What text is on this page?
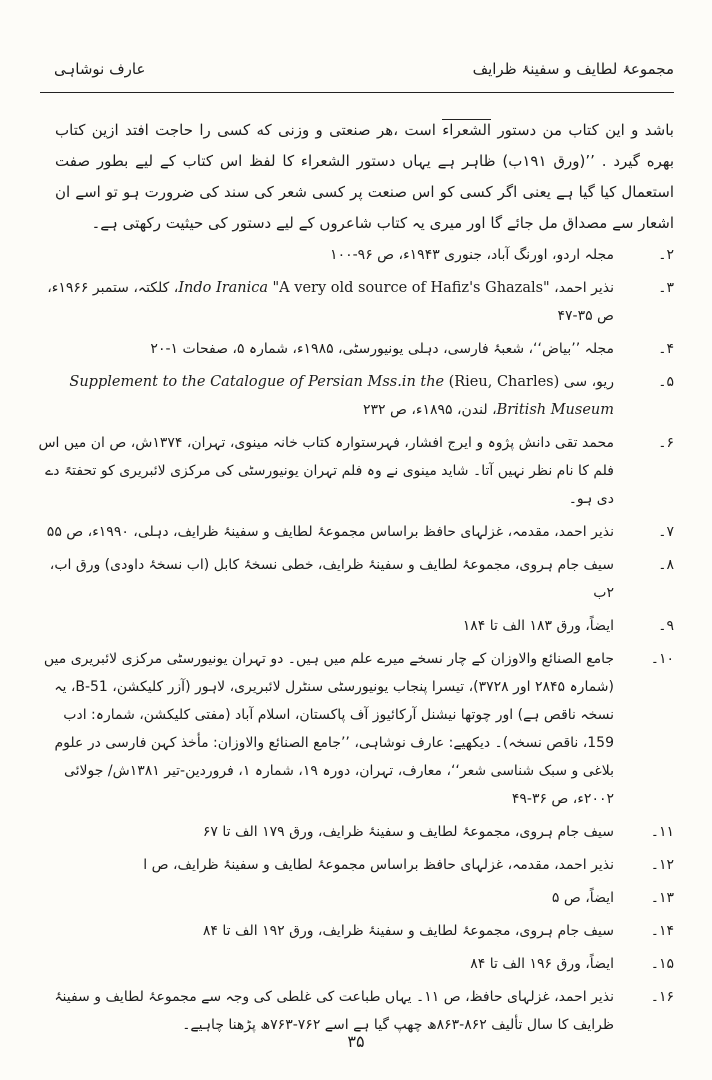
عارف نوشاہی	مجموعۂ لطایف و سفینۂ ظرایف
باشد و این کتاب من دستور الشعراء است ،هر صنعتی و وزنی که کسی را حاجت افتد ازین کتاب بهره گیرد . ’’(ورق ۱۹۱ب) ظاہر ہے یہاں دستور الشعراء کا لفظ اس کتاب کے لیے بطور صفت استعمال کیا گیا ہے یعنی اگر کسی کو اس صنعت پر کسی شعر کی سند کی ضرورت ہو تو اسے ان اشعار سے مصداق مل جائے گا اور میری یہ کتاب شاعروں کے لیے دستور کی حیثیت رکھتی ہے۔
۲۔
مجلہ اردو، اورنگ آباد، جنوری ۱۹۴۳ء، ص ۹۶-۱۰۰
۳۔
نذیر احمد، "A very old source of Hafiz's Ghazals" Indo Iranica، کلکتہ، ستمبر ۱۹۶۶ء، ص ۳۵-۴۷
۴۔
مجلہ ’’بیاض‘‘، شعبۂ فارسی، دہلی یونیورسٹی، ۱۹۸۵ء، شمارہ ۵، صفحات ۱-۲۰
۵۔
ریو، سی (Rieu, Charles) Supplement to the Catalogue of Persian Mss.in the British Museum، لندن، ۱۸۹۵ء، ص ۲۳۲
۶۔
محمد تقی دانش پژوہ و ایرج افشار، فہرستوارہ کتاب خانہ مینوی، تہران، ۱۳۷۴ش، ص ان میں اس فلم کا نام نظر نہیں آتا۔ شاید مینوی نے وہ فلم تہران یونیورسٹی کی مرکزی لائبریری کو تحفتہً دے دی ہو۔
۷۔
نذیر احمد، مقدمہ، غزلہای حافظ براساس مجموعۂ لطایف و سفینۂ ظرایف، دہلی، ۱۹۹۰ء، ص ۵۵
۸۔
سیف جام ہروی، مجموعۂ لطایف و سفینۂ ظرایف، خطی نسخۂ کابل (اب نسخۂ داودی) ورق اب، ۲ب
۹۔
ایضاً، ورق ۱۸۳ الف تا ۱۸۴
۱۰۔
جامع الصنائع والاوزان کے چار نسخے میرے علم میں ہیں۔ دو تہران یونیورسٹی مرکزی لائبریری میں (شمارہ ۲۸۴۵ اور ۳۷۲۸)، تیسرا پنجاب یونیورسٹی سنٹرل لائبریری، لاہور (آزر کلیکشن، B-51، یہ نسخہ ناقص ہے) اور چوتھا نیشنل آرکائیوز آف پاکستان، اسلام آباد (مفتی کلیکشن، شمارہ: ادب 159، ناقص نسخہ)۔ دیکھیے: عارف نوشاہی، ’’جامع الصنائع والاوزان: مأخذ کہن فارسی در علوم بلاغی و سبک شناسی شعر‘‘، معارف، تہران، دورہ ۱۹، شمارہ ۱، فروردین-تیر ۱۳۸۱ش/ جولائی ۲۰۰۲ء، ص ۳۶-۴۹
۱۱۔
سیف جام ہروی، مجموعۂ لطایف و سفینۂ ظرایف، ورق ۱۷۹ الف تا ۶۷
۱۲۔
نذیر احمد، مقدمہ، غزلہای حافظ براساس مجموعۂ لطایف و سفینۂ ظرایف، ص ا
۱۳۔
ایضاً، ص ۵
۱۴۔
سیف جام ہروی، مجموعۂ لطایف و سفینۂ ظرایف، ورق ۱۹۲ الف تا ۸۴
۱۵۔
ایضاً، ورق ۱۹۶ الف تا ۸۴
۱۶۔
نذیر احمد، غزلہای حافظ، ص ۱۱۔ یہاں طباعت کی غلطی کی وجہ سے مجموعۂ لطایف و سفینۂ ظرایف کا سال تألیف ۸۶۲-۸۶۳ھ چھپ گیا ہے اسے ۷۶۲-۷۶۳ھ پڑھنا چاہیے۔
۳۵
